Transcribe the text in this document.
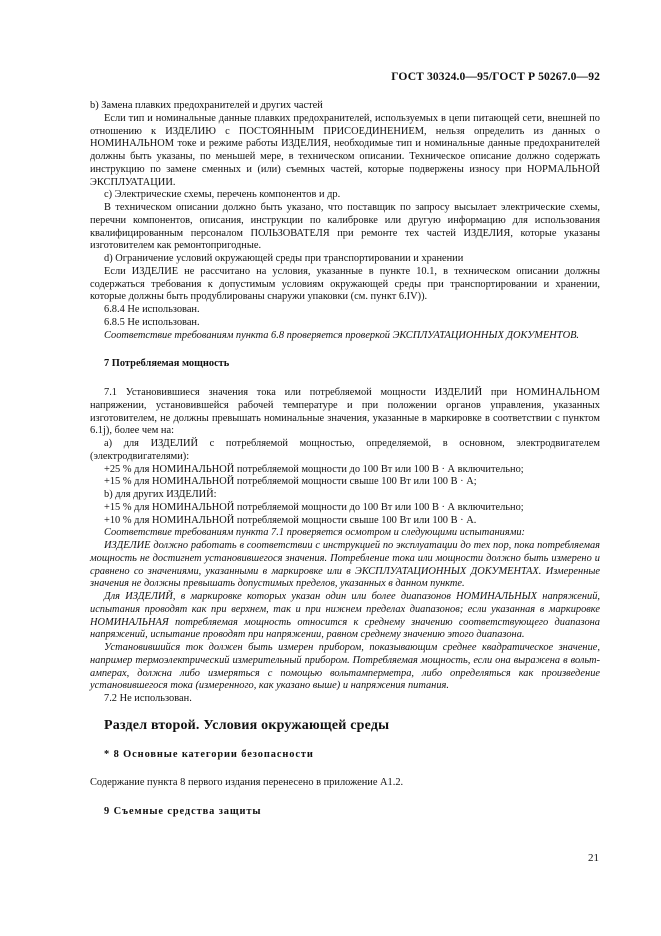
ГОСТ 30324.0—95/ГОСТ Р 50267.0—92
b) Замена плавких предохранителей и других частей
Если тип и номинальные данные плавких предохранителей, используемых в цепи питающей сети, внешней по отношению к ИЗДЕЛИЮ с ПОСТОЯННЫМ ПРИСОЕДИНЕНИЕМ, нельзя определить из данных о НОМИНАЛЬНОМ токе и режиме работы ИЗДЕЛИЯ, необходимые тип и номинальные данные предохранителей должны быть указаны, по меньшей мере, в техническом описании. Техническое описание должно содержать инструкцию по замене сменных и (или) съемных частей, которые подвержены износу при НОРМАЛЬНОЙ ЭКСПЛУАТАЦИИ.
c) Электрические схемы, перечень компонентов и др.
В техническом описании должно быть указано, что поставщик по запросу высылает электрические схемы, перечни компонентов, описания, инструкции по калибровке или другую информацию для использования квалифицированным персоналом ПОЛЬЗОВАТЕЛЯ при ремонте тех частей ИЗДЕЛИЯ, которые указаны изготовителем как ремонтопригодные.
d) Ограничение условий окружающей среды при транспортировании и хранении
Если ИЗДЕЛИЕ не рассчитано на условия, указанные в пункте 10.1, в техническом описании должны содержаться требования к допустимым условиям окружающей среды при транспортировании и хранении, которые должны быть продублированы снаружи упаковки (см. пункт 6.IV)).
6.8.4 Не использован.
6.8.5 Не использован.
Соответствие требованиям пункта 6.8 проверяется проверкой ЭКСПЛУАТАЦИОННЫХ ДОКУМЕНТОВ.
7 Потребляемая мощность
7.1 Установившиеся значения тока или потребляемой мощности ИЗДЕЛИЙ при НОМИНАЛЬНОМ напряжении, установившейся рабочей температуре и при положении органов управления, указанных изготовителем, не должны превышать номинальные значения, указанные в маркировке в соответствии с пунктом 6.1j), более чем на:
a) для ИЗДЕЛИЙ с потребляемой мощностью, определяемой, в основном, электродвигателем (электродвигателями):
+25 % для НОМИНАЛЬНОЙ потребляемой мощности до 100 Вт или 100 В · А включительно;
+15 % для НОМИНАЛЬНОЙ потребляемой мощности свыше 100 Вт или 100 В · А;
b) для других ИЗДЕЛИЙ:
+15 % для НОМИНАЛЬНОЙ потребляемой мощности до 100 Вт или 100 В · А включительно;
+10 % для НОМИНАЛЬНОЙ потребляемой мощности свыше 100 Вт или 100 В · А.
Соответствие требованиям пункта 7.1 проверяется осмотром и следующими испытаниями:
ИЗДЕЛИЕ должно работать в соответствии с инструкцией по эксплуатации до тех пор, пока потребляемая мощность не достигнет установившегося значения. Потребление тока или мощности должно быть измерено и сравнено со значениями, указанными в маркировке или в ЭКСПЛУАТАЦИОННЫХ ДОКУМЕНТАХ. Измеренные значения не должны превышать допустимых пределов, указанных в данном пункте.
Для ИЗДЕЛИЙ, в маркировке которых указан один или более диапазонов НОМИНАЛЬНЫХ напряжений, испытания проводят как при верхнем, так и при нижнем пределах диапазонов; если указанная в маркировке НОМИНАЛЬНАЯ потребляемая мощность относится к среднему значению соответствующего диапазона напряжений, испытание проводят при напряжении, равном среднему значению этого диапазона.
Установившийся ток должен быть измерен прибором, показывающим среднее квадратическое значение, например термоэлектрический измерительный прибором. Потребляемая мощность, если она выражена в вольт-амперах, должна либо измеряться с помощью вольтамперметра, либо определяться как произведение установившегося тока (измеренного, как указано выше) и напряжения питания.
7.2 Не использован.
Раздел второй. Условия окружающей среды
* 8 Основные категории безопасности
Содержание пункта 8 первого издания перенесено в приложение А1.2.
9 Съемные средства защиты
21
